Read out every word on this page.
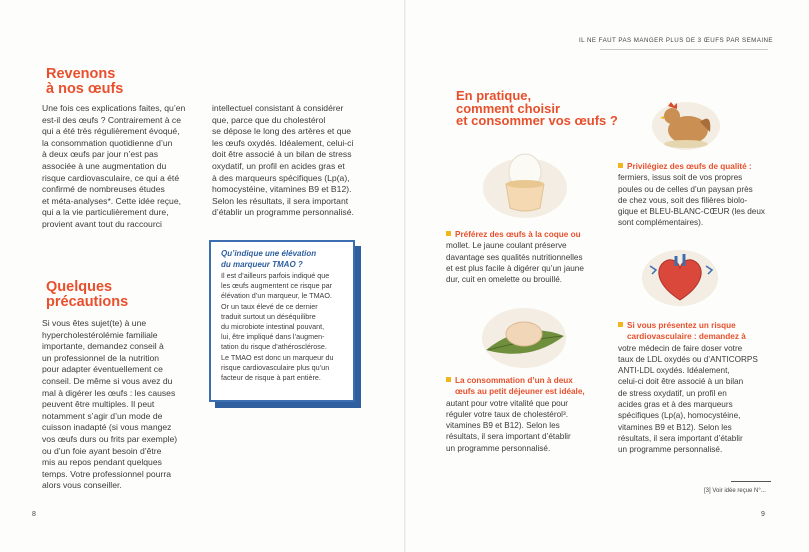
IL NE FAUT PAS MANGER PLUS DE 3 ŒUFS PAR SEMAINE
Revenons
à nos œufs

Une fois ces explications faites, qu’en

est-il des œufs ? Contrairement à ce

qui a été très régulièrement évoqué,

la consommation quotidienne d’un

à deux œufs par jour n’est pas

associée à une augmentation du

risque cardiovasculaire, ce qui a été

confirmé de nombreuses études

et méta-analyses*. Cette idée reçue,

qui a la vie particulièrement dure,

provient avant tout du raccourci

intellectuel consistant à considérer

que, parce que du cholestérol

se dépose le long des artères et que

les œufs oxydés. Idéalement, celui-ci

doit être associé à un bilan de stress

oxydatif, un profil en acides gras et

à des marqueurs spécifiques (Lp(a),

homocystéine, vitamines B9 et B12).

Selon les résultats, il sera important

d’établir un programme personnalisé.

Quelques
précautions

Si vous êtes sujet(te) à une

hypercholestérolémie familiale

importante, demandez conseil à

un professionnel de la nutrition

pour adapter éventuellement ce

conseil. De même si vous avez du

mal à digérer les œufs : les causes

peuvent être multiples. Il peut

notamment s’agir d’un mode de

cuisson inadapté (si vous mangez

vos œufs durs ou frits par exemple)

ou d’un foie ayant besoin d’être

mis au repos pendant quelques

temps. Votre professionnel pourra

alors vous conseiller.

Qu’indique une élévation

du marqueur TMAO ?

Il est d’ailleurs parfois indiqué que

les œufs augmentent ce risque par

élévation d’un marqueur, le TMAO.

Or un taux élevé de ce dernier

traduit surtout un déséquilibre

du microbiote intestinal pouvant,

lui, être impliqué dans l’augmen-

tation du risque d’athérosclérose.

Le TMAO est donc un marqueur du

risque cardiovasculaire plus qu’un

facteur de risque à part entière.

8
En pratique,
comment choisir
et consommer vos œufs ?

Préférez des œufs à la coque ou

mollet. Le jaune coulant préserve

davantage ses qualités nutritionnelles

et est plus facile à digérer qu’un jaune

dur, cuit en omelette ou brouillé.

Privilégiez des œufs de qualité :

fermiers, issus soit de vos propres

poules ou de celles d’un paysan près

de chez vous, soit des filières biolo-

gique et BLEU-BLANC-CŒUR (les deux

sont complémentaires).

La consommation d’un à deux

œufs au petit déjeuner est idéale,

autant pour votre vitalité que pour

réguler votre taux de cholestérol³.

vitamines B9 et B12). Selon les

résultats, il sera important d’établir

un programme personnalisé.

Si vous présentez un risque

cardiovasculaire : demandez à

votre médecin de faire doser votre

taux de LDL oxydés ou d’ANTICORPS

ANTI-LDL oxydés. Idéalement,

celui-ci doit être associé à un bilan

de stress oxydatif, un profil en

acides gras et à des marqueurs

spécifiques (Lp(a), homocystéine,

vitamines B9 et B12). Selon les

résultats, il sera important d’établir

un programme personnalisé.

[3] Voir idée reçue N°...
9
